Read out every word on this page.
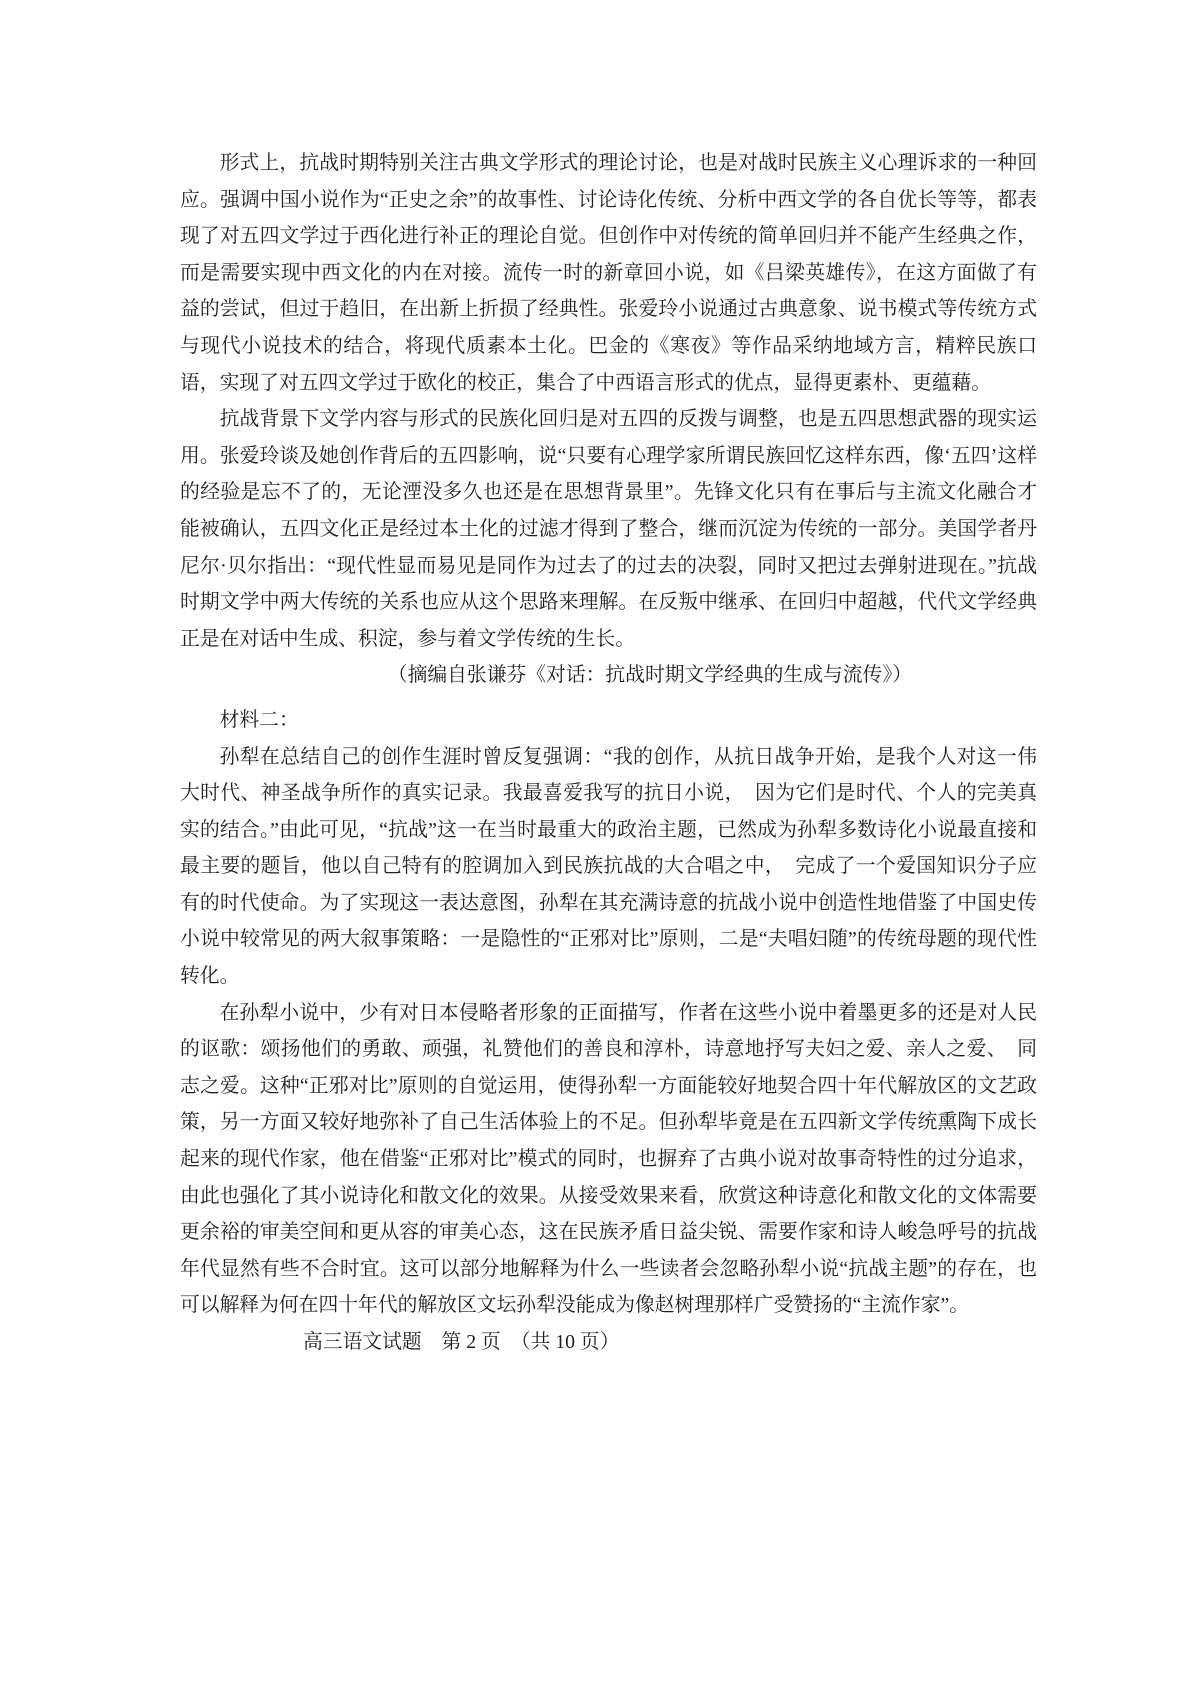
形式上，抗战时期特别关注古典文学形式的理论讨论，也是对战时民族主义心理诉求的一种回应。强调中国小说作为“正史之余”的故事性、讨论诗化传统、分析中西文学的各自优长等等，都表现了对五四文学过于西化进行补正的理论自觉。但创作中对传统的简单回归并不能产生经典之作，而是需要实现中西文化的内在对接。流传一时的新章回小说，如《吕梁英雄传》，在这方面做了有益的尝试，但过于趋旧，在出新上折损了经典性。张爱玲小说通过古典意象、说书模式等传统方式与现代小说技术的结合，将现代质素本土化。巴金的《寒夜》等作品采纳地域方言，精粹民族口语，实现了对五四文学过于欧化的校正，集合了中西语言形式的优点，显得更素朴、更蕴藉。

抗战背景下文学内容与形式的民族化回归是对五四的反拨与调整，也是五四思想武器的现实运用。张爱玲谈及她创作背后的五四影响，说“只要有心理学家所谓民族回忆这样东西，像‘五四’这样的经验是忘不了的，无论湮没多久也还是在思想背景里”。先锋文化只有在事后与主流文化融合才能被确认，五四文化正是经过本土化的过滤才得到了整合，继而沉淀为传统的一部分。美国学者丹尼尔·贝尔指出：“现代性显而易见是同作为过去了的过去的决裂，同时又把过去弹射进现在。”抗战时期文学中两大传统的关系也应从这个思路来理解。在反叛中继承、在回归中超越，代代文学经典正是在对话中生成、积淀，参与着文学传统的生长。

（摘编自张谦芬《对话：抗战时期文学经典的生成与流传》）

材料二：

孙犁在总结自己的创作生涯时曾反复强调：“我的创作，从抗日战争开始，是我个人对这一伟大时代、神圣战争所作的真实记录。我最喜爱我写的抗日小说，　因为它们是时代、个人的完美真实的结合。”由此可见，“抗战”这一在当时最重大的政治主题，已然成为孙犁多数诗化小说最直接和最主要的题旨，他以自己特有的腔调加入到民族抗战的大合唱之中，　完成了一个爱国知识分子应有的时代使命。为了实现这一表达意图，孙犁在其充满诗意的抗战小说中创造性地借鉴了中国史传小说中较常见的两大叙事策略：一是隐性的“正邪对比”原则，二是“夫唱妇随”的传统母题的现代性转化。

在孙犁小说中，少有对日本侵略者形象的正面描写，作者在这些小说中着墨更多的还是对人民的讴歌：颂扬他们的勇敢、顽强，礼赞他们的善良和淳朴，诗意地抒写夫妇之爱、亲人之爱、　同志之爱。这种“正邪对比”原则的自觉运用，使得孙犁一方面能较好地契合四十年代解放区的文艺政策，另一方面又较好地弥补了自己生活体验上的不足。但孙犁毕竟是在五四新文学传统熏陶下成长起来的现代作家，他在借鉴“正邪对比”模式的同时，也摒弃了古典小说对故事奇特性的过分追求，由此也强化了其小说诗化和散文化的效果。从接受效果来看，欣赏这种诗意化和散文化的文体需要更余裕的审美空间和更从容的审美心态，这在民族矛盾日益尖锐、需要作家和诗人峻急呼号的抗战年代显然有些不合时宜。这可以部分地解释为什么一些读者会忽略孙犁小说“抗战主题”的存在，也可以解释为何在四十年代的解放区文坛孙犁没能成为像赵树理那样广受赞扬的“主流作家”。

高三语文试题　第 2 页　（共 10 页）
